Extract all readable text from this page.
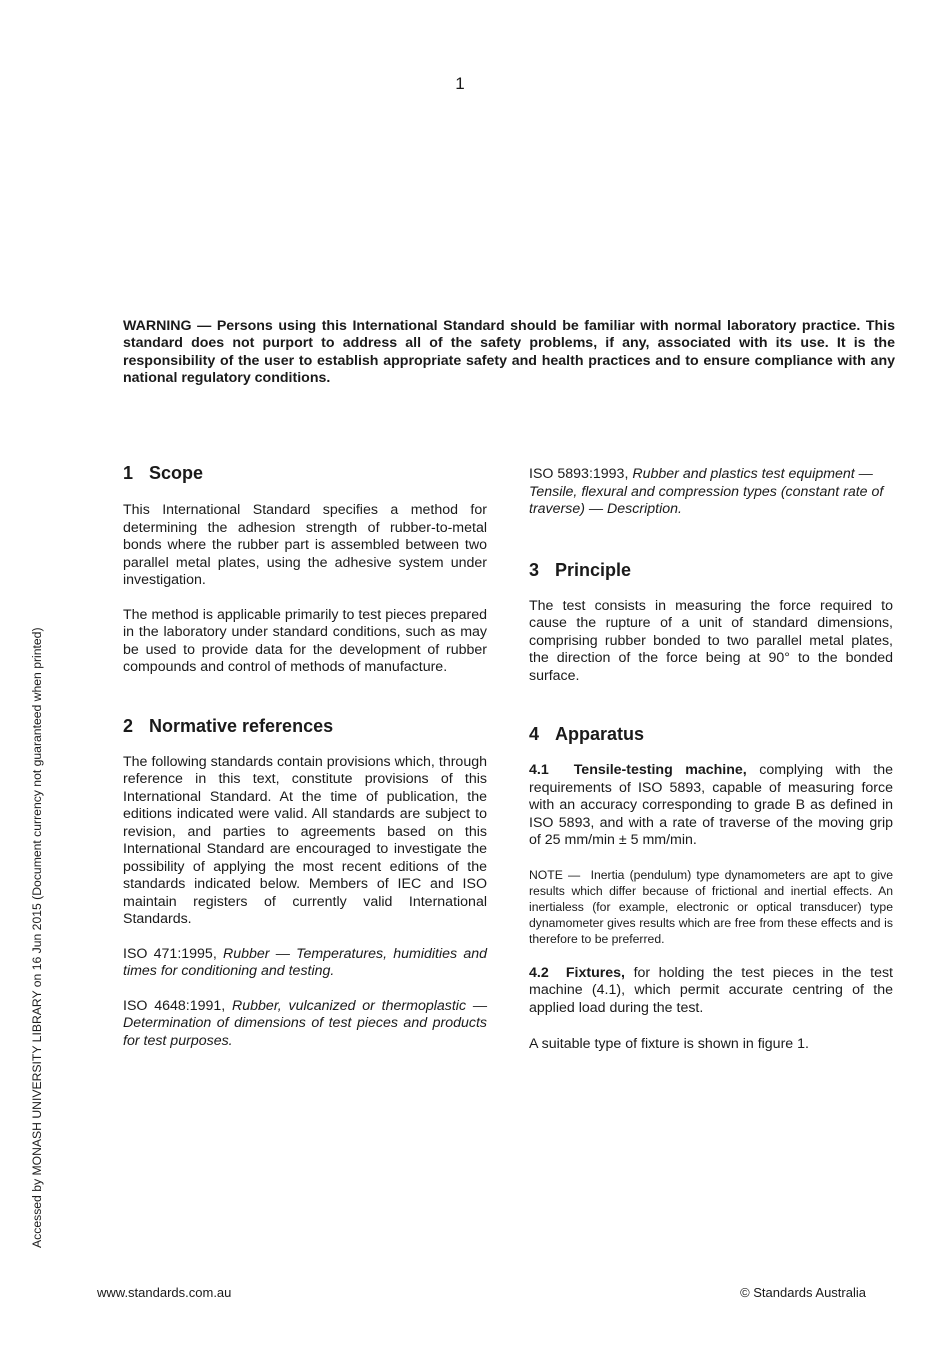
1
WARNING — Persons using this International Standard should be familiar with normal laboratory practice. This standard does not purport to address all of the safety problems, if any, associated with its use. It is the responsibility of the user to establish appropriate safety and health practices and to ensure compliance with any national regulatory conditions.
Accessed by MONASH UNIVERSITY LIBRARY on 16 Jun 2015 (Document currency not guaranteed when printed)
1 Scope

This International Standard specifies a method for determining the adhesion strength of rubber-to-metal bonds where the rubber part is assembled between two parallel metal plates, using the adhesive system under investigation.

The method is applicable primarily to test pieces prepared in the laboratory under standard conditions, such as may be used to provide data for the development of rubber compounds and control of methods of manufacture.

2 Normative references

The following standards contain provisions which, through reference in this text, constitute provisions of this International Standard. At the time of publication, the editions indicated were valid. All standards are subject to revision, and parties to agreements based on this International Standard are encouraged to investigate the possibility of applying the most recent editions of the standards indicated below. Members of IEC and ISO maintain registers of currently valid International Standards.

ISO 471:1995, Rubber — Temperatures, humidities and times for conditioning and testing.

ISO 4648:1991, Rubber, vulcanized or thermoplastic — Determination of dimensions of test pieces and products for test purposes.

ISO 5893:1993, Rubber and plastics test equipment — Tensile, flexural and compression types (constant rate of traverse) — Description.

3 Principle

The test consists in measuring the force required to cause the rupture of a unit of standard dimensions, comprising rubber bonded to two parallel metal plates, the direction of the force being at 90° to the bonded surface.

4 Apparatus

4.1 Tensile-testing machine, complying with the requirements of ISO 5893, capable of measuring force with an accuracy corresponding to grade B as defined in ISO 5893, and with a rate of traverse of the moving grip of 25 mm/min ± 5 mm/min.

NOTE — Inertia (pendulum) type dynamometers are apt to give results which differ because of frictional and inertial effects. An inertialess (for example, electronic or optical transducer) type dynamometer gives results which are free from these effects and is therefore to be preferred.

4.2 Fixtures, for holding the test pieces in the test machine (4.1), which permit accurate centring of the applied load during the test.

A suitable type of fixture is shown in figure 1.

www.standards.com.au	© Standards Australia
